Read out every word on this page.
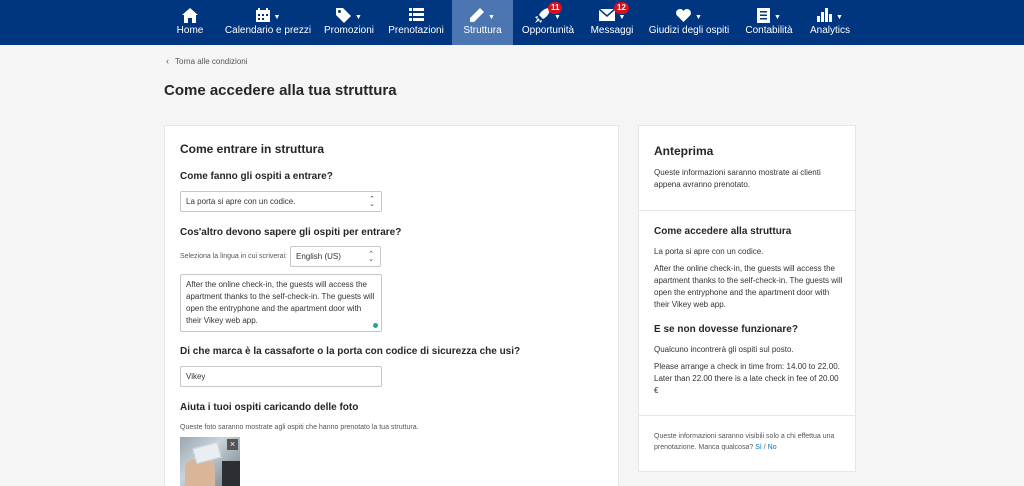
Home
▼
Calendario e prezzi
▼
Promozioni Prenotazioni
▼
Struttura
▼
11
Opportunità
▼
12
Messaggi
▼
Giudizi degli ospiti
▼
Contabilità
▼
Analytics
‹ Torna alle condizioni
Come accedere alla tua struttura
Come entrare in struttura
Come fanno gli ospiti a entrare?
La porta si apre con un codice.	⌃
⌄
Cos'altro devono sapere gli ospiti per entrare?
Seleziona la lingua in cui scriverai: English (US)	⌃
⌄
After the online check-in, the guests will access the apartment thanks to the self-check-in. The guests will open the entryphone and the apartment door with their Vikey web app.
Di che marca è la cassaforte o la porta con codice di sicurezza che usi?
Vikey
Aiuta i tuoi ospiti caricando delle foto
Queste foto saranno mostrate agli ospiti che hanno prenotato la tua struttura.
×
Anteprima
Queste informazioni saranno mostrate ai clienti appena avranno prenotato.
Come accedere alla struttura
La porta si apre con un codice.
After the online check-in, the guests will access the apartment thanks to the self-check-in. The guests will open the entryphone and the apartment door with their Vikey web app.
E se non dovesse funzionare?
Qualcuno incontrerà gli ospiti sul posto.
Please arrange a check in time from: 14.00 to 22.00. Later than 22.00 there is a late check in fee of 20.00 €
Queste informazioni saranno visibili solo a chi effettua una prenotazione. Manca qualcosa? Sì / No
